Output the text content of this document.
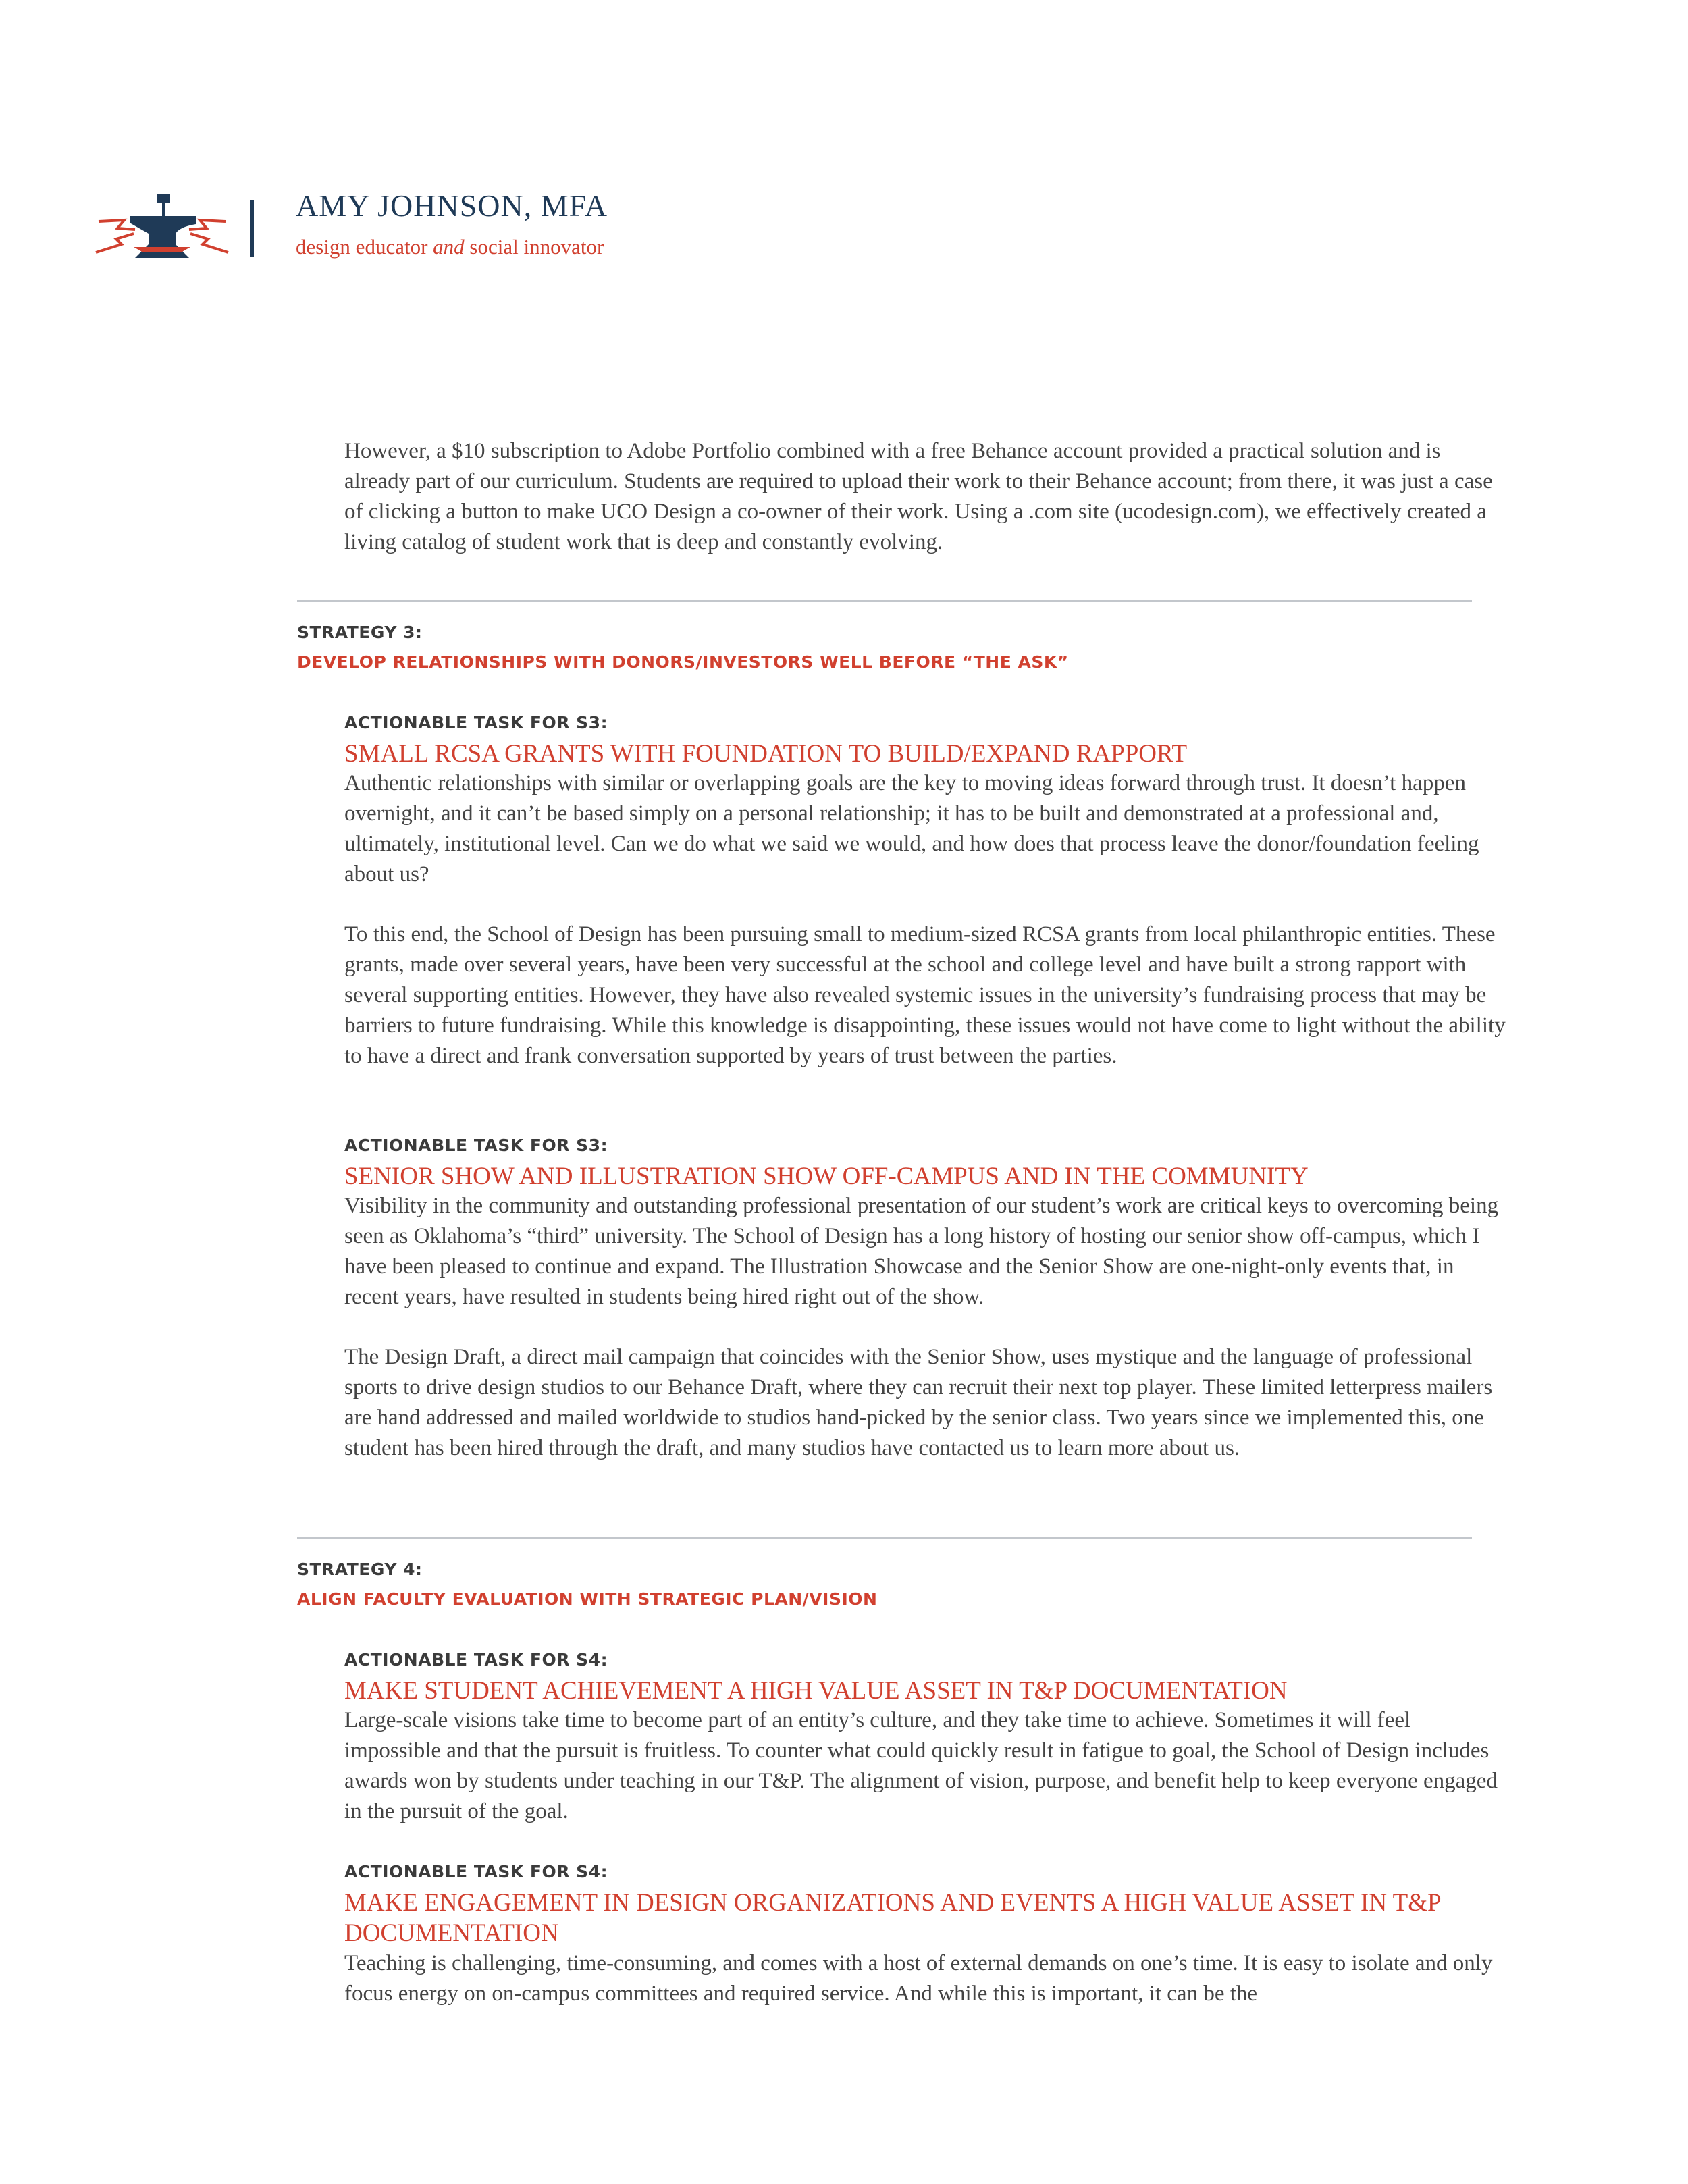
AMY JOHNSON, MFA
design educator and social innovator

However, a $10 subscription to Adobe Portfolio combined with a free Behance account provided a practical solution and is already part of our curriculum. Students are required to upload their work to their Behance account; from there, it was just a case of clicking a button to make UCO Design a co-owner of their work. Using a .com site (ucodesign.com), we effectively created a living catalog of student work that is deep and constantly evolving.

STRATEGY 3:
DEVELOP RELATIONSHIPS WITH DONORS/INVESTORS WELL BEFORE “THE ASK”
ACTIONABLE TASK FOR S3:

SMALL RCSA GRANTS WITH FOUNDATION TO BUILD/EXPAND RAPPORT

Authentic relationships with similar or overlapping goals are the key to moving ideas forward through trust. It doesn’t happen overnight, and it can’t be based simply on a personal relationship; it has to be built and demonstrated at a professional and, ultimately, institutional level. Can we do what we said we would, and how does that process leave the donor/foundation feeling about us?

To this end, the School of Design has been pursuing small to medium-sized RCSA grants from local philanthropic entities. These grants, made over several years, have been very successful at the school and college level and have built a strong rapport with several supporting entities. However, they have also revealed systemic issues in the university’s fundraising process that may be barriers to future fundraising. While this knowledge is disappointing, these issues would not have come to light without the ability to have a direct and frank conversation supported by years of trust between the parties.

ACTIONABLE TASK FOR S3:

SENIOR SHOW AND ILLUSTRATION SHOW OFF-CAMPUS AND IN THE COMMUNITY

Visibility in the community and outstanding professional presentation of our student’s work are critical keys to overcoming being seen as Oklahoma’s “third” university. The School of Design has a long history of hosting our senior show off-campus, which I have been pleased to continue and expand. The Illustration Showcase and the Senior Show are one-night-only events that, in recent years, have resulted in students being hired right out of the show.

The Design Draft, a direct mail campaign that coincides with the Senior Show, uses mystique and the language of professional sports to drive design studios to our Behance Draft, where they can recruit their next top player. These limited letterpress mailers are hand addressed and mailed worldwide to studios hand-picked by the senior class. Two years since we implemented this, one student has been hired through the draft, and many studios have contacted us to learn more about us.

STRATEGY 4:
ALIGN FACULTY EVALUATION WITH STRATEGIC PLAN/VISION
ACTIONABLE TASK FOR S4:

MAKE STUDENT ACHIEVEMENT A HIGH VALUE ASSET IN T&P DOCUMENTATION

Large-scale visions take time to become part of an entity’s culture, and they take time to achieve. Sometimes it will feel impossible and that the pursuit is fruitless. To counter what could quickly result in fatigue to goal, the School of Design includes awards won by students under teaching in our T&P. The alignment of vision, purpose, and benefit help to keep everyone engaged in the pursuit of the goal.

ACTIONABLE TASK FOR S4:

MAKE ENGAGEMENT IN DESIGN ORGANIZATIONS AND EVENTS A HIGH VALUE ASSET IN T&P DOCUMENTATION

Teaching is challenging, time-consuming, and comes with a host of external demands on one’s time. It is easy to isolate and only focus energy on on-campus committees and required service. And while this is important, it can be the
